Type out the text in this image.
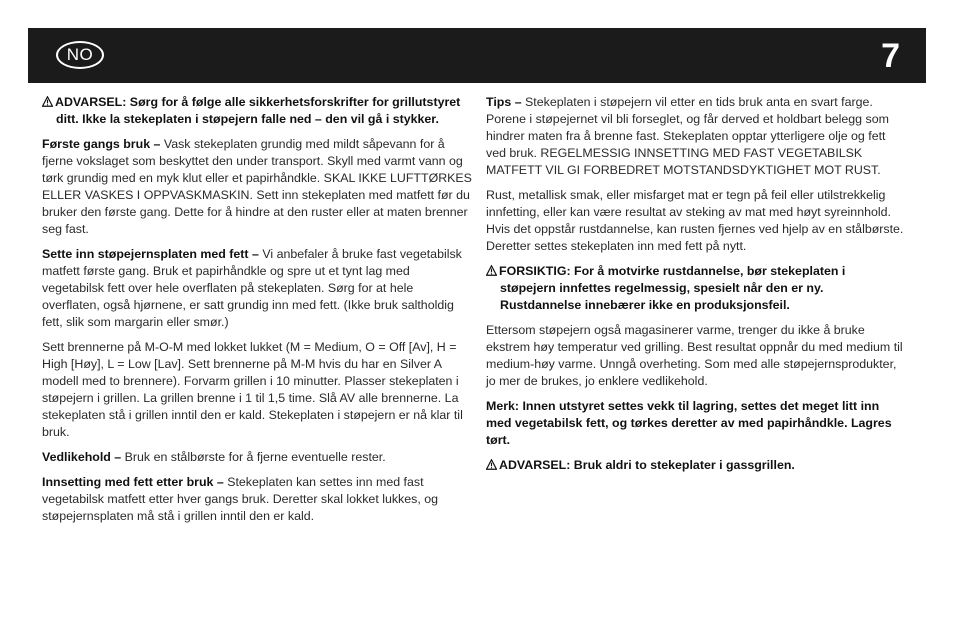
NO	7

ADVARSEL: Sørg for å følge alle sikkerhetsforskrifter for grillutstyret ditt. Ikke la stekeplaten i støpejern falle ned – den vil gå i stykker.

Første gangs bruk – Vask stekeplaten grundig med mildt såpevann for å fjerne vokslaget som beskyttet den under transport. Skyll med varmt vann og tørk grundig med en myk klut eller et papirhåndkle. SKAL IKKE LUFTTØRKES ELLER VASKES I OPPVASKMASKIN. Sett inn stekeplaten med matfett før du bruker den første gang. Dette for å hindre at den ruster eller at maten brenner seg fast.

Sette inn støpejernsplaten med fett – Vi anbefaler å bruke fast vegetabilsk matfett første gang. Bruk et papirhåndkle og spre ut et tynt lag med vegetabilsk fett over hele overflaten på stekeplaten. Sørg for at hele overflaten, også hjørnene, er satt grundig inn med fett. (Ikke bruk saltholdig fett, slik som margarin eller smør.)

Sett brennerne på M-O-M med lokket lukket (M = Medium, O = Off [Av], H = High [Høy], L = Low [Lav]. Sett brennerne på M-M hvis du har en Silver A modell med to brennere). Forvarm grillen i 10 minutter. Plasser stekeplaten i støpejern i grillen. La grillen brenne i 1 til 1,5 time. Slå AV alle brennerne. La stekeplaten stå i grillen inntil den er kald. Stekeplaten i støpejern er nå klar til bruk.

Vedlikehold – Bruk en stålbørste for å fjerne eventuelle rester.

Innsetting med fett etter bruk – Stekeplaten kan settes inn med fast vegetabilsk matfett etter hver gangs bruk. Deretter skal lokket lukkes, og støpejernsplaten må stå i grillen inntil den er kald.

Tips – Stekeplaten i støpejern vil etter en tids bruk anta en svart farge. Porene i støpejernet vil bli forseglet, og får derved et holdbart belegg som hindrer maten fra å brenne fast. Stekeplaten opptar ytterligere olje og fett ved bruk. REGELMESSIG INNSETTING MED FAST VEGETABILSK MATFETT VIL GI FORBEDRET MOTSTANDSDYKTIGHET MOT RUST.

Rust, metallisk smak, eller misfarget mat er tegn på feil eller utilstrekkelig innfetting, eller kan være resultat av steking av mat med høyt syreinnhold. Hvis det oppstår rustdannelse, kan rusten fjernes ved hjelp av en stålbørste. Deretter settes stekeplaten inn med fett på nytt.

FORSIKTIG: For å motvirke rustdannelse, bør stekeplaten i støpejern innfettes regelmessig, spesielt når den er ny. Rustdannelse innebærer ikke en produksjonsfeil.

Ettersom støpejern også magasinerer varme, trenger du ikke å bruke ekstrem høy temperatur ved grilling. Best resultat oppnår du med medium til medium-høy varme. Unngå overheting. Som med alle støpejernsprodukter, jo mer de brukes, jo enklere vedlikehold.

Merk: Innen utstyret settes vekk til lagring, settes det meget litt inn med vegetabilsk fett, og tørkes deretter av med papirhåndkle. Lagres tørt.

ADVARSEL: Bruk aldri to stekeplater i gassgrillen.
